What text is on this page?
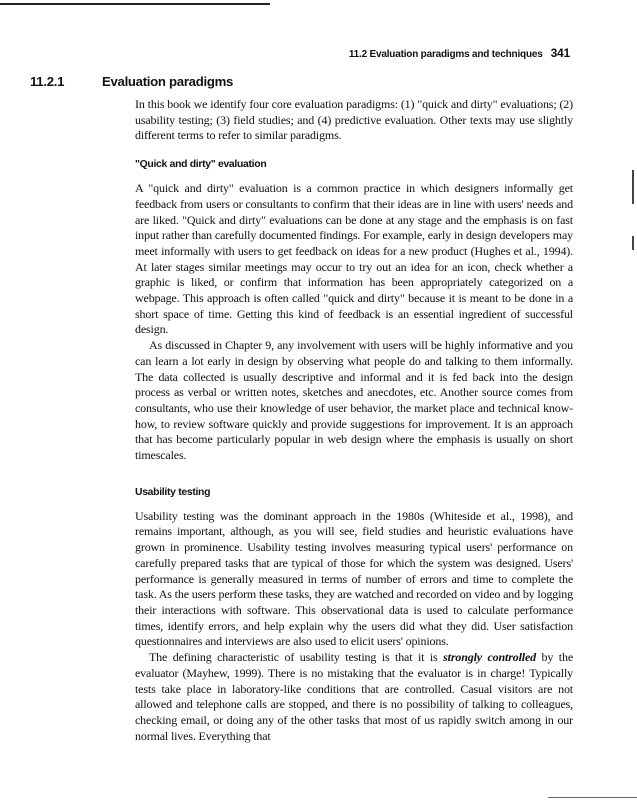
11.2 Evaluation paradigms and techniques 341
11.2.1	Evaluation paradigms

In this book we identify four core evaluation paradigms: (1) "quick and dirty" evaluations; (2) usability testing; (3) field studies; and (4) predictive evaluation. Other texts may use slightly different terms to refer to similar paradigms.

"Quick and dirty" evaluation

A "quick and dirty" evaluation is a common practice in which designers informally get feedback from users or consultants to confirm that their ideas are in line with users' needs and are liked. "Quick and dirty" evaluations can be done at any stage and the emphasis is on fast input rather than carefully documented findings. For example, early in design developers may meet informally with users to get feedback on ideas for a new product (Hughes et al., 1994). At later stages similar meetings may occur to try out an idea for an icon, check whether a graphic is liked, or confirm that information has been appropriately categorized on a webpage. This approach is often called "quick and dirty" because it is meant to be done in a short space of time. Getting this kind of feedback is an essential ingredient of successful design.

As discussed in Chapter 9, any involvement with users will be highly informative and you can learn a lot early in design by observing what people do and talking to them informally. The data collected is usually descriptive and informal and it is fed back into the design process as verbal or written notes, sketches and anecdotes, etc. Another source comes from consultants, who use their knowledge of user behavior, the market place and technical know-how, to review software quickly and provide suggestions for improvement. It is an approach that has become particularly popular in web design where the emphasis is usually on short timescales.

Usability testing

Usability testing was the dominant approach in the 1980s (Whiteside et al., 1998), and remains important, although, as you will see, field studies and heuristic evaluations have grown in prominence. Usability testing involves measuring typical users' performance on carefully prepared tasks that are typical of those for which the system was designed. Users' performance is generally measured in terms of number of errors and time to complete the task. As the users perform these tasks, they are watched and recorded on video and by logging their interactions with software. This observational data is used to calculate performance times, identify errors, and help explain why the users did what they did. User satisfaction questionnaires and interviews are also used to elicit users' opinions.

The defining characteristic of usability testing is that it is strongly controlled by the evaluator (Mayhew, 1999). There is no mistaking that the evaluator is in charge! Typically tests take place in laboratory-like conditions that are controlled. Casual visitors are not allowed and telephone calls are stopped, and there is no possibility of talking to colleagues, checking email, or doing any of the other tasks that most of us rapidly switch among in our normal lives. Everything that
